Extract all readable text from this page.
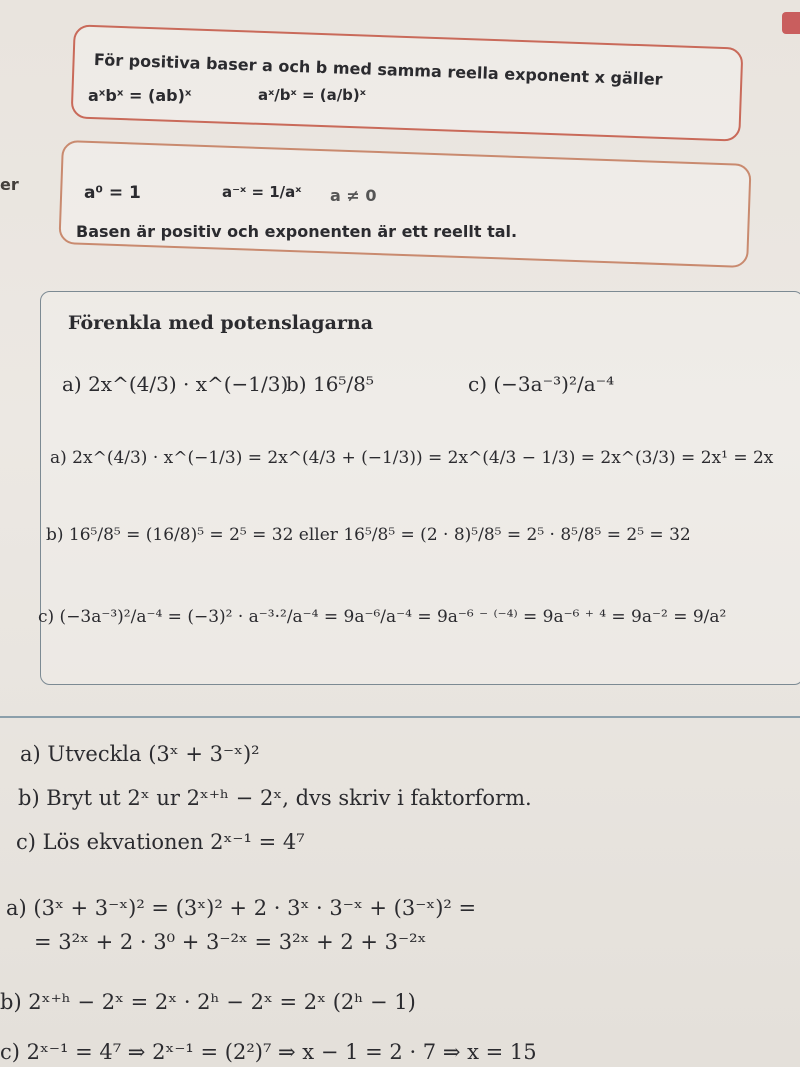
För positiva baser a och b med samma reella exponent x gäller
aˣbˣ = (ab)ˣ	aˣ/bˣ = (a/b)ˣ
er	a⁰ = 1	a⁻ˣ = 1/aˣ a ≠ 0
Basen är positiv och exponenten är ett reellt tal.
Förenkla med potenslagarna
a) 2x^(4/3) · x^(−1/3)
b) 16⁵/8⁵	c) (−3a⁻³)²/a⁻⁴
a) 2x^(4/3) · x^(−1/3) = 2x^(4/3 + (−1/3)) = 2x^(4/3 − 1/3) = 2x^(3/3) = 2x¹ = 2x
b) 16⁵/8⁵ = (16/8)⁵ = 2⁵ = 32 eller 16⁵/8⁵ = (2 · 8)⁵/8⁵ = 2⁵ · 8⁵/8⁵ = 2⁵ = 32
c) (−3a⁻³)²/a⁻⁴ = (−3)² · a⁻³·²/a⁻⁴ = 9a⁻⁶/a⁻⁴ = 9a⁻⁶ ⁻ ⁽⁻⁴⁾ = 9a⁻⁶ ⁺ ⁴ = 9a⁻² = 9/a²
a) Utveckla (3ˣ + 3⁻ˣ)²
b) Bryt ut 2ˣ ur 2ˣ⁺ʰ − 2ˣ, dvs skriv i faktorform.
c) Lös ekvationen 2ˣ⁻¹ = 4⁷
a) (3ˣ + 3⁻ˣ)² = (3ˣ)² + 2 · 3ˣ · 3⁻ˣ + (3⁻ˣ)² =
= 3²ˣ + 2 · 3⁰ + 3⁻²ˣ = 3²ˣ + 2 + 3⁻²ˣ
b) 2ˣ⁺ʰ − 2ˣ = 2ˣ · 2ʰ − 2ˣ = 2ˣ (2ʰ − 1)
c) 2ˣ⁻¹ = 4⁷ ⇒ 2ˣ⁻¹ = (2²)⁷ ⇒ x − 1 = 2 · 7 ⇒ x = 15
